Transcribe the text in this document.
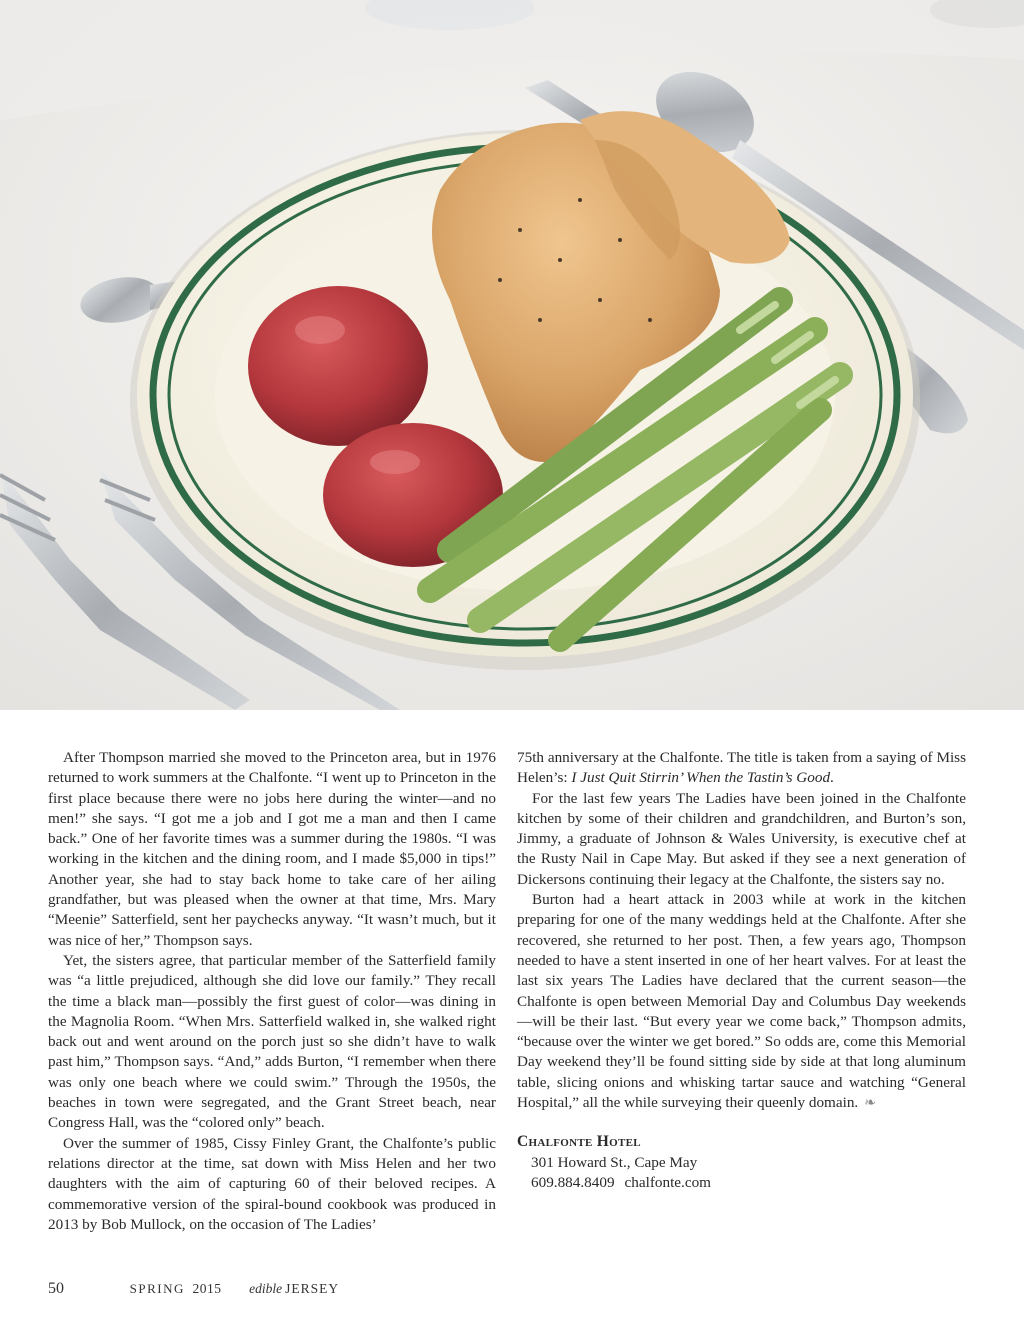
After Thompson married she moved to the Princeton area, but in 1976 returned to work summers at the Chalfonte. “I went up to Princeton in the first place because there were no jobs here during the winter—and no men!” she says. “I got me a job and I got me a man and then I came back.” One of her favorite times was a summer during the 1980s. “I was working in the kitchen and the dining room, and I made $5,000 in tips!” Another year, she had to stay back home to take care of her ailing grandfather, but was pleased when the owner at that time, Mrs. Mary “Meenie” Satterfield, sent her paychecks anyway. “It wasn’t much, but it was nice of her,” Thompson says.

Yet, the sisters agree, that particular member of the Satterfield family was “a little prejudiced, although she did love our family.” They recall the time a black man—possibly the first guest of color—was dining in the Magnolia Room. “When Mrs. Satterfield walked in, she walked right back out and went around on the porch just so she didn’t have to walk past him,” Thompson says. “And,” adds Burton, “I remember when there was only one beach where we could swim.” Through the 1950s, the beaches in town were segregated, and the Grant Street beach, near Congress Hall, was the “colored only” beach.

Over the summer of 1985, Cissy Finley Grant, the Chalfonte’s public relations director at the time, sat down with Miss Helen and her two daughters with the aim of capturing 60 of their beloved recipes. A commemorative version of the spiral-bound cookbook was produced in 2013 by Bob Mullock, on the occasion of The Ladies’

75th anniversary at the Chalfonte. The title is taken from a saying of Miss Helen’s: I Just Quit Stirrin’ When the Tastin’s Good.

For the last few years The Ladies have been joined in the Chalfonte kitchen by some of their children and grandchildren, and Burton’s son, Jimmy, a graduate of Johnson & Wales University, is executive chef at the Rusty Nail in Cape May. But asked if they see a next generation of Dickersons continuing their legacy at the Chalfonte, the sisters say no.

Burton had a heart attack in 2003 while at work in the kitchen preparing for one of the many weddings held at the Chalfonte. After she recovered, she returned to her post. Then, a few years ago, Thompson needed to have a stent inserted in one of her heart valves. For at least the last six years The Ladies have declared that the current season—the Chalfonte is open between Memorial Day and Columbus Day weekends—will be their last. “But every year we come back,” Thompson admits, “because over the winter we get bored.” So odds are, come this Memorial Day weekend they’ll be found sitting side by side at that long aluminum table, slicing onions and whisking tartar sauce and watching “General Hospital,” all the while surveying their queenly domain. ❧

Chalfonte Hotel
301 Howard St., Cape May
609.884.8409 chalfonte.com
50	SPRING 2015 edible JERSEY
